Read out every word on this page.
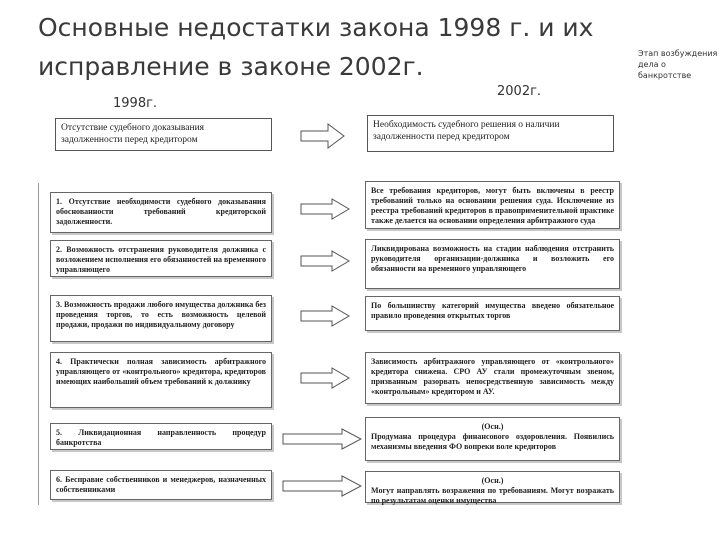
Основные недостатки закона 1998 г. и их исправление в законе 2002г.	Этап возбуждения дела о банкротстве
1998г.
2002г.
Отсутствие судебного доказывания задолженности перед кредитором
Необходимость судебного решения о наличии задолженности перед кредитором
1. Отсутствие необходимости судебного доказывания обоснованности требований кредиторской задолженности.
Все требования кредиторов, могут быть включены в реестр требований только на основании решения суда. Исключение из реестра требований кредиторов в правоприменительной практике также делается на основании определения арбитражного суда
2. Возможность отстранения руководителя должника с возложением исполнения его обязанностей на временного управляющего
Ликвидирована возможность на стадии наблюдения отстранить руководителя организации-должника и возложить его обязанности на временного управляющего
3. Возможность продажи любого имущества должника без проведения торгов, то есть возможность целевой продажи, продажи по индивидуальному договору
По большинству категорий имущества введено обязательное правило проведения открытых торгов
4. Практически полная зависимость арбитражного управляющего от «контрольного» кредитора, кредиторов имеющих наибольший объем требований к должнику
Зависимость арбитражного управляющего от «контрольного» кредитора снижена. СРО АУ стали промежуточным звеном, призванным разорвать непосредственную зависимость между «контрольным» кредитором и АУ.
5. Ликвидационная направленность процедур банкротства
(Осн.)
Продумана процедура финансового оздоровления. Появились механизмы введения ФО вопреки воле кредиторов
6. Бесправие собственников и менеджеров, назначенных собственниками
(Осн.)
Могут направлять возражения по требованиям. Могут возражать по результатам оценки имущества
